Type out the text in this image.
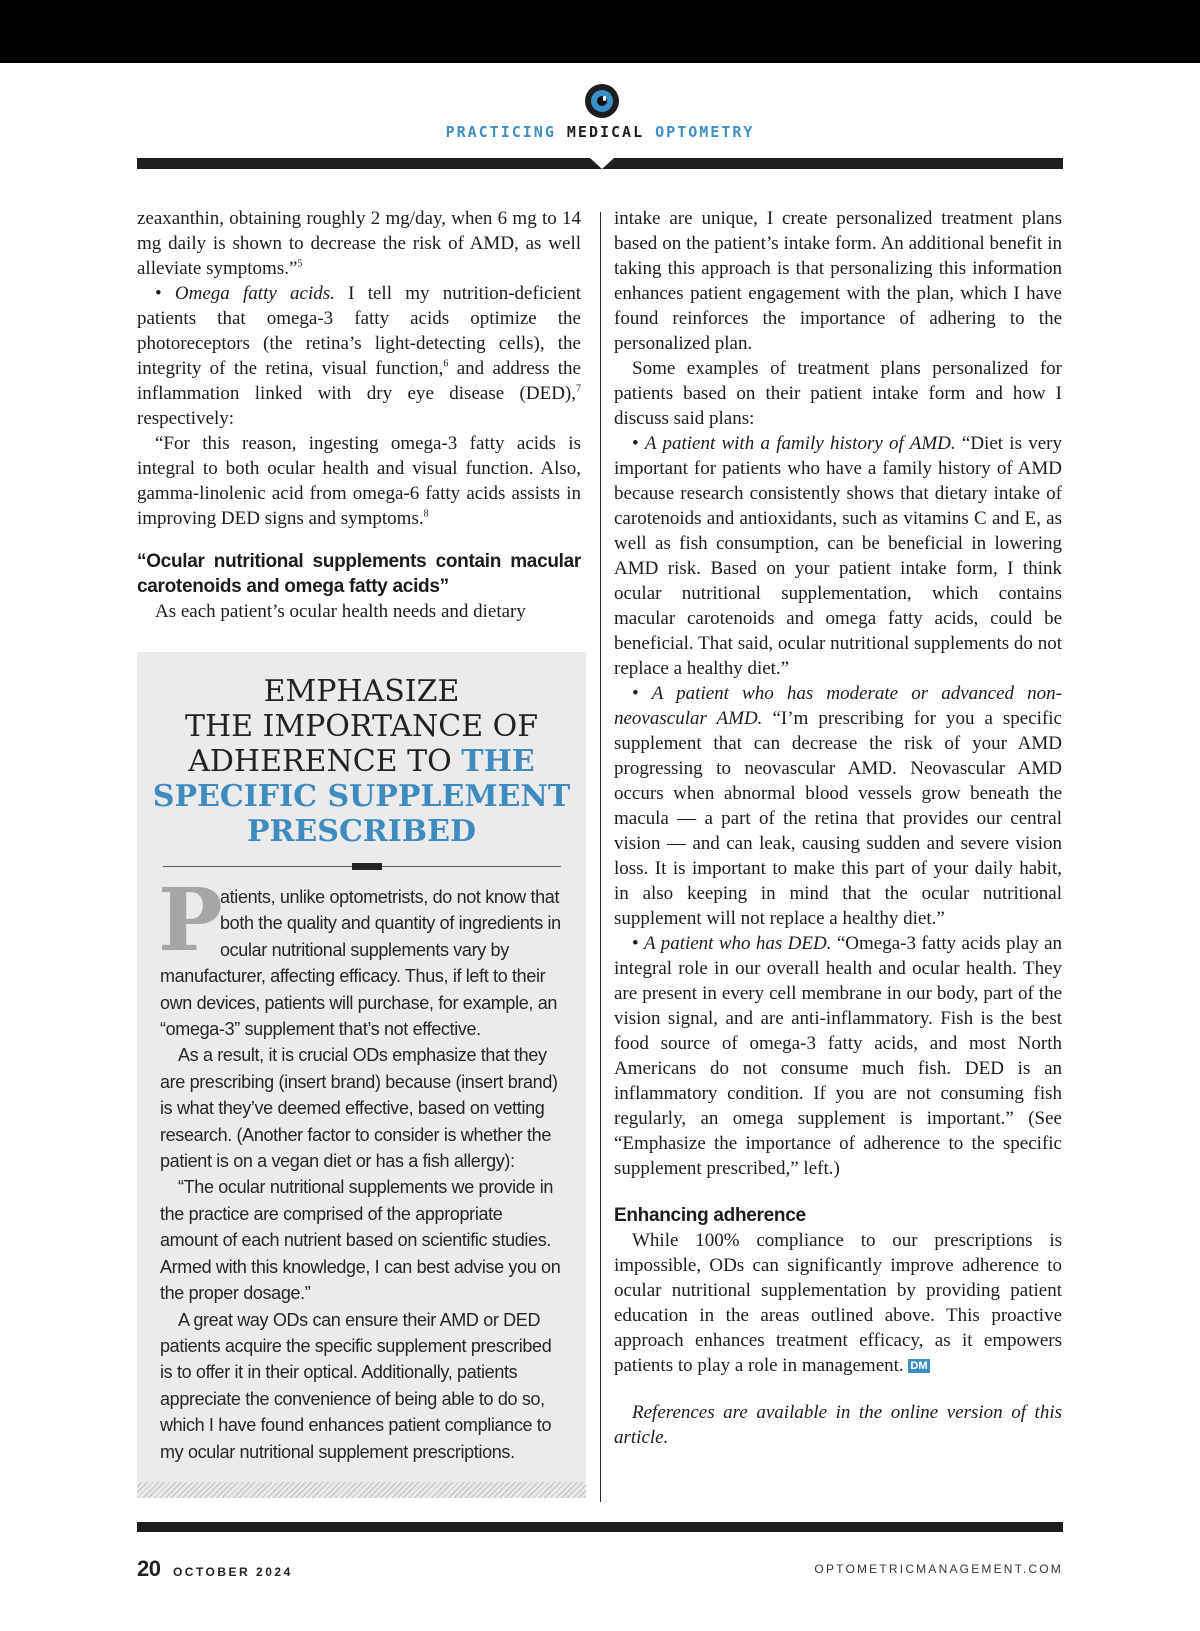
PRACTICING MEDICAL OPTOMETRY

zeaxanthin, obtaining roughly 2 mg/day, when 6 mg to 14 mg daily is shown to decrease the risk of AMD, as well alleviate symptoms.”$^5$

• Omega fatty acids. I tell my nutrition-deficient patients that omega-3 fatty acids optimize the photoreceptors (the retina’s light-detecting cells), the integrity of the retina, visual function,$^6$ and address the inflammation linked with dry eye disease (DED),$^7$ respectively:

“For this reason, ingesting omega-3 fatty acids is integral to both ocular health and visual function. Also, gamma-linolenic acid from omega-6 fatty acids assists in improving DED signs and symptoms.$^8$

“Ocular nutritional supplements contain macular carotenoids and omega fatty acids”

As each patient’s ocular health needs and dietary

EMPHASIZE
THE IMPORTANCE OF
ADHERENCE TO THE
SPECIFIC SUPPLEMENT
PRESCRIBED

P
atients, unlike optometrists, do not know that both the quality and quantity of ingredients in ocular nutritional supplements vary by manufacturer, affecting efficacy. Thus, if left to their own devices, patients will purchase, for example, an “omega-3” supplement that’s not effective.

As a result, it is crucial ODs emphasize that they are prescribing (insert brand) because (insert brand) is what they’ve deemed effective, based on vetting research. (Another factor to consider is whether the patient is on a vegan diet or has a fish allergy):

“The ocular nutritional supplements we provide in the practice are comprised of the appropriate amount of each nutrient based on scientific studies. Armed with this knowledge, I can best advise you on the proper dosage.”

A great way ODs can ensure their AMD or DED patients acquire the specific supplement prescribed is to offer it in their optical. Additionally, patients appreciate the convenience of being able to do so, which I have found enhances patient compliance to my ocular nutritional supplement prescriptions.

intake are unique, I create personalized treatment plans based on the patient’s intake form. An additional benefit in taking this approach is that personalizing this information enhances patient engagement with the plan, which I have found reinforces the importance of adhering to the personalized plan.

Some examples of treatment plans personalized for patients based on their patient intake form and how I discuss said plans:

• A patient with a family history of AMD. “Diet is very important for patients who have a family history of AMD because research consistently shows that dietary intake of carotenoids and antioxidants, such as vitamins C and E, as well as fish consumption, can be beneficial in lowering AMD risk. Based on your patient intake form, I think ocular nutritional supplementation, which contains macular carotenoids and omega fatty acids, could be beneficial. That said, ocular nutritional supplements do not replace a healthy diet.”

• A patient who has moderate or advanced non-neovascular AMD. “I’m prescribing for you a specific supplement that can decrease the risk of your AMD progressing to neovascular AMD. Neovascular AMD occurs when abnormal blood vessels grow beneath the macula — a part of the retina that provides our central vision — and can leak, causing sudden and severe vision loss. It is important to make this part of your daily habit, in also keeping in mind that the ocular nutritional supplement will not replace a healthy diet.”

• A patient who has DED. “Omega-3 fatty acids play an integral role in our overall health and ocular health. They are present in every cell membrane in our body, part of the vision signal, and are anti-inflammatory. Fish is the best food source of omega-3 fatty acids, and most North Americans do not consume much fish. DED is an inflammatory condition. If you are not consuming fish regularly, an omega supplement is important.” (See “Emphasize the importance of adherence to the specific supplement prescribed,” left.)

Enhancing adherence

While 100% compliance to our prescriptions is impossible, ODs can significantly improve adherence to ocular nutritional supplementation by providing patient education in the areas outlined above. This proactive approach enhances treatment efficacy, as it empowers patients to play a role in management. DM

References are available in the online version of this article.

20 OCTOBER 2024	OPTOMETRICMANAGEMENT.COM
